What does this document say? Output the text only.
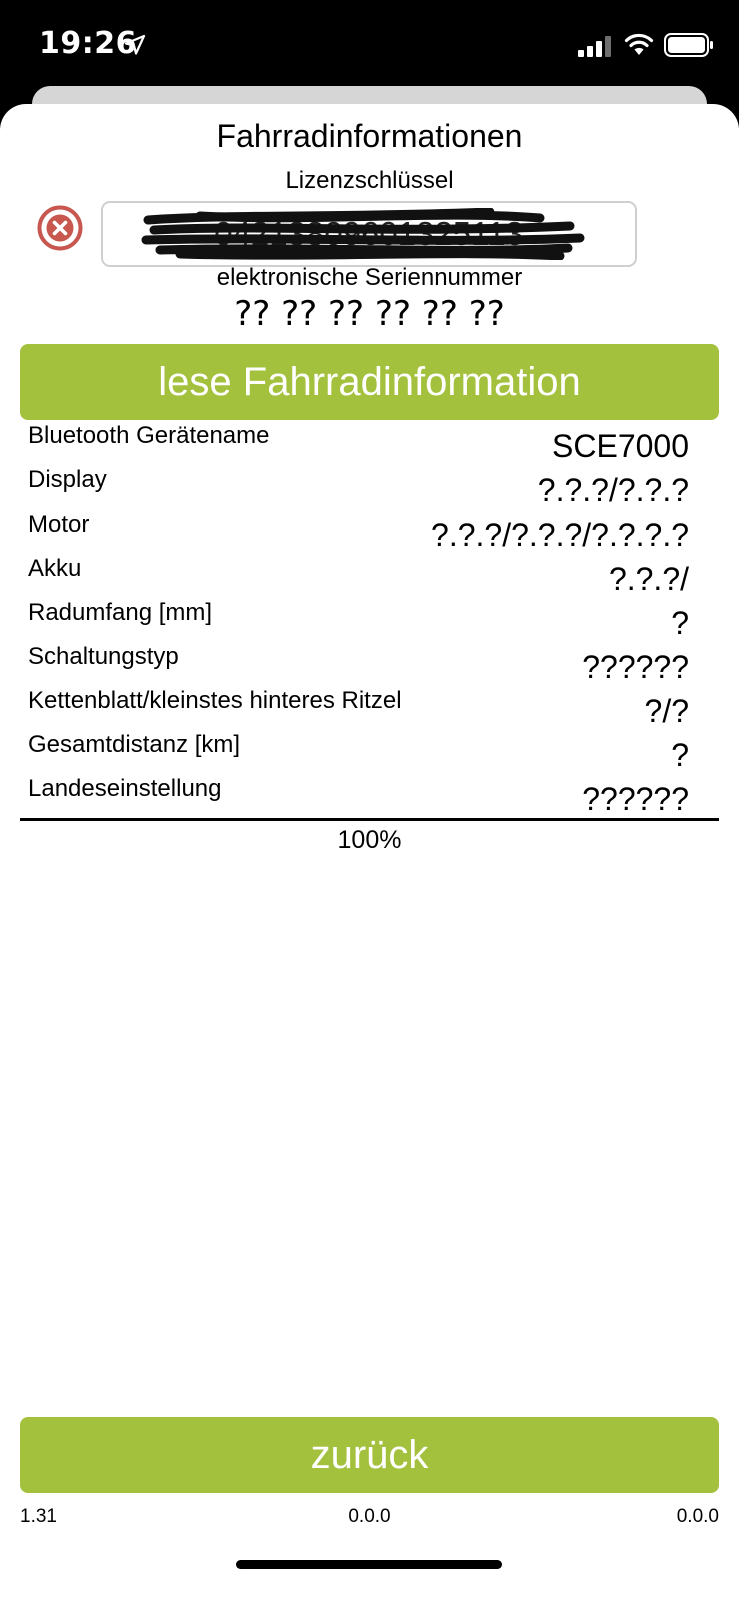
19:26
Fahrradinformationen
Lizenzschlüssel
04213809601325113
elektronische Seriennummer
?? ?? ?? ?? ?? ??
lese Fahrradinformation
Bluetooth Gerätename	SCE7000
Display	?.?.?/?.?.?
Motor	?.?.?/?.?.?/?.?.?.?
Akku	?.?.?/
Radumfang [mm]	?
Schaltungstyp	??????
Kettenblatt/kleinstes hinteres Ritzel	?/?
Gesamtdistanz [km]	?
Landeseinstellung	??????
100%
zurück
1.31	0.0.0	0.0.0
